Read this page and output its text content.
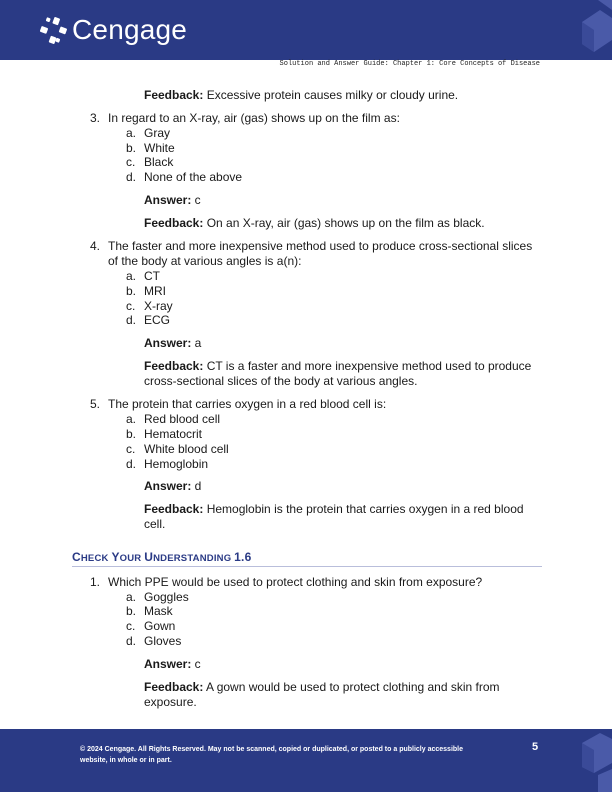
Cengage
Solution and Answer Guide: Chapter 1: Core Concepts of Disease
Feedback: Excessive protein causes milky or cloudy urine.
3. In regard to an X-ray, air (gas) shows up on the film as:
a. Gray
b. White
c. Black
d. None of the above
Answer: c
Feedback: On an X-ray, air (gas) shows up on the film as black.
4. The faster and more inexpensive method used to produce cross-sectional slices
of the body at various angles is a(n):
a. CT
b. MRI
c. X-ray
d. ECG
Answer: a
Feedback: CT is a faster and more inexpensive method used to produce
cross-sectional slices of the body at various angles.
5. The protein that carries oxygen in a red blood cell is:
a. Red blood cell
b. Hematocrit
c. White blood cell
d. Hemoglobin
Answer: d
Feedback: Hemoglobin is the protein that carries oxygen in a red blood
cell.
CHECK YOUR UNDERSTANDING 1.6
1. Which PPE would be used to protect clothing and skin from exposure?
a. Goggles
b. Mask
c. Gown
d. Gloves
Answer: c
Feedback: A gown would be used to protect clothing and skin from
exposure.
© 2024 Cengage. All Rights Reserved. May not be scanned, copied or duplicated, or posted to a publicly accessible
website, in whole or in part.
5
